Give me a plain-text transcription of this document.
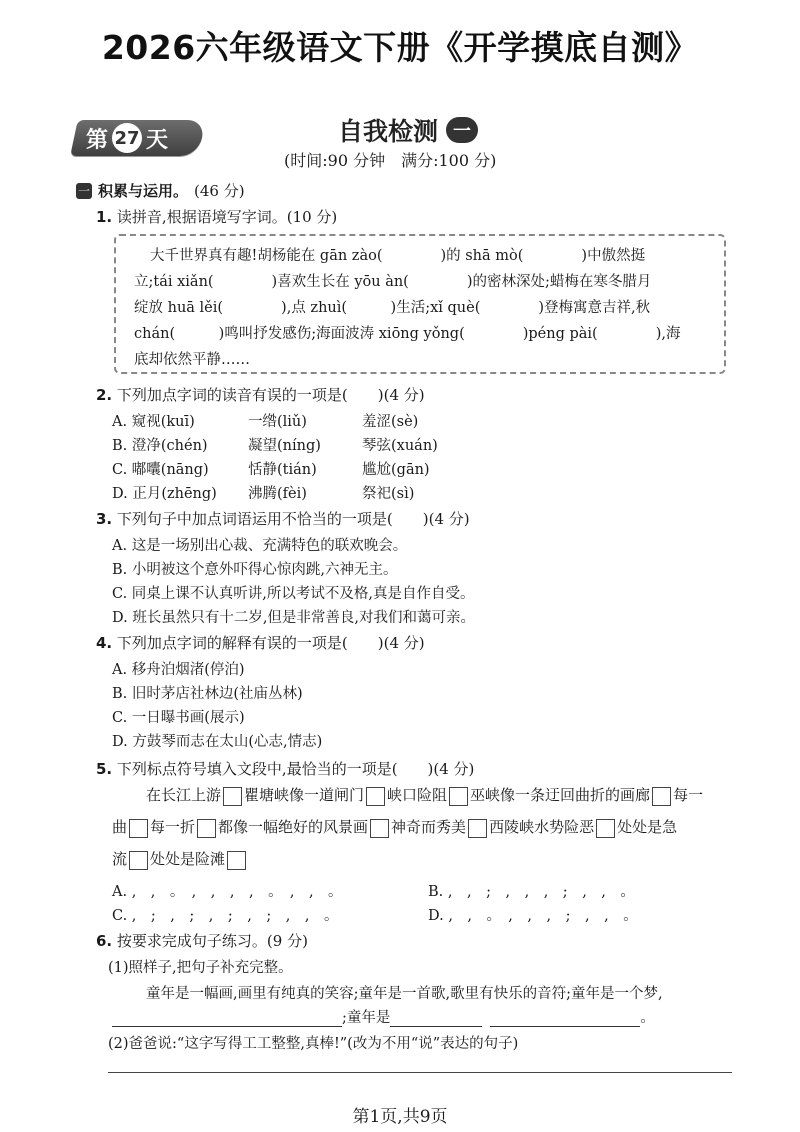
2026六年级语文下册《开学摸底自测》
第 27 天	自我检测 一
(时间:90 分钟　满分:100 分)
一 积累与运用。 (46 分)
1. 读拼音,根据语境写字词。(10 分)
大千世界真有趣!胡杨能在 gān zào(　　　　)的 shā mò(　　　　)中傲然挺
立;tái xiǎn(　　　　)喜欢生长在 yōu àn(　　　　)的密林深处;蜡梅在寒冬腊月
绽放 huā lěi(　　　　),点 zhuì(　　　)生活;xǐ què(　　　　)登梅寓意吉祥,秋
chán(　　　)鸣叫抒发感伤;海面波涛 xiōng yǒng(　　　　)péng pài(　　　　),海
底却依然平静……
2. 下列加点字词的读音有误的一项是(　　)(4 分)
A. 窥视(kuī)	一绺(liǔ)	羞涩(sè)
B. 澄净(chén)	凝望(níng)	琴弦(xuán)
C. 嘟囔(nāng)	恬静(tián)	尴尬(gān)
D. 正月(zhēng) 沸腾(fèi)	祭祀(sì)
3. 下列句子中加点词语运用不恰当的一项是(　　)(4 分)
A. 这是一场别出心裁、充满特色的联欢晚会。
B. 小明被这个意外吓得心惊肉跳,六神无主。
C. 同桌上课不认真听讲,所以考试不及格,真是自作自受。
D. 班长虽然只有十二岁,但是非常善良,对我们和蔼可亲。
4. 下列加点字词的解释有误的一项是(　　)(4 分)
A. 移舟泊烟渚(停泊)
B. 旧时茅店社林边(社庙丛林)
C. 一日曝书画(展示)
D. 方鼓琴而志在太山(心志,情志)
5. 下列标点符号填入文段中,最恰当的一项是(　　)(4 分)
在长江上游 瞿塘峡像一道闸门 峡口险阻 巫峡像一条迂回曲折的画廊 每一
曲 每一折 都像一幅绝好的风景画 神奇而秀美 西陵峡水势险恶 处处是急
流 处处是险滩
A. ,　,　。　,　,　,　,　。　,　,　。	B. ,　,　;　,　,　,　;　,　,　。
C. ,　;　,　;　,　;　,　;　,　,　。	D. ,　,　。　,　,　,　;　,　,　。
6. 按要求完成句子练习。(9 分)
(1)照样子,把句子补充完整。
童年是一幅画,画里有纯真的笑容;童年是一首歌,歌里有快乐的音符;童年是一个梦,
;童年是	。
(2)爸爸说:“这字写得工工整整,真棒!”(改为不用“说”表达的句子)
第1页,共9页
